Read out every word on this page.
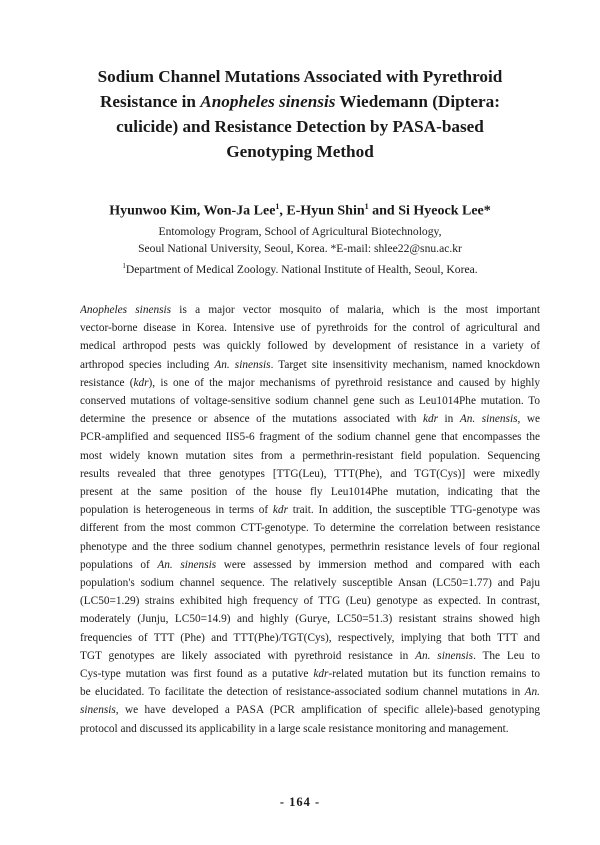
Sodium Channel Mutations Associated with Pyrethroid
Resistance in Anopheles sinensis Wiedemann (Diptera:
culicide) and Resistance Detection by PASA-based
Genotyping Method
Hyunwoo Kim, Won-Ja Lee$^1$, E-Hyun Shin$^1$ and Si Hyeock Lee*
Entomology Program, School of Agricultural Biotechnology,
Seoul National University, Seoul, Korea. *E-mail: shlee22@snu.ac.kr
$^1$Department of Medical Zoology. National Institute of Health, Seoul, Korea.
Anopheles sinensis is a major vector mosquito of malaria, which is the most important
vector-borne disease in Korea. Intensive use of pyrethroids for the control of agricultural and
medical arthropod pests was quickly followed by development of resistance in a variety of
arthropod species including An. sinensis. Target site insensitivity mechanism, named knockdown
resistance (kdr), is one of the major mechanisms of pyrethroid resistance and caused by highly
conserved mutations of voltage-sensitive sodium channel gene such as Leu1014Phe mutation. To
determine the presence or absence of the mutations associated with kdr in An. sinensis, we
PCR-amplified and sequenced IIS5-6 fragment of the sodium channel gene that encompasses the
most widely known mutation sites from a permethrin-resistant field population. Sequencing
results revealed that three genotypes [TTG(Leu), TTT(Phe), and TGT(Cys)] were mixedly
present at the same position of the house fly Leu1014Phe mutation, indicating that the
population is heterogeneous in terms of kdr trait. In addition, the susceptible TTG-genotype was
different from the most common CTT-genotype. To determine the correlation between resistance
phenotype and the three sodium channel genotypes, permethrin resistance levels of four regional
populations of An. sinensis were assessed by immersion method and compared with each
population's sodium channel sequence. The relatively susceptible Ansan (LC50=1.77) and Paju
(LC50=1.29) strains exhibited high frequency of TTG (Leu) genotype as expected. In contrast,
moderately (Junju, LC50=14.9) and highly (Gurye, LC50=51.3) resistant strains showed high
frequencies of TTT (Phe) and TTT(Phe)/TGT(Cys), respectively, implying that both TTT and
TGT genotypes are likely associated with pyrethroid resistance in An. sinensis. The Leu to
Cys-type mutation was first found as a putative kdr-related mutation but its function remains to
be elucidated. To facilitate the detection of resistance-associated sodium channel mutations in An.
sinensis, we have developed a PASA (PCR amplification of specific allele)-based genotyping
protocol and discussed its applicability in a large scale resistance monitoring and management.
- 164 -
